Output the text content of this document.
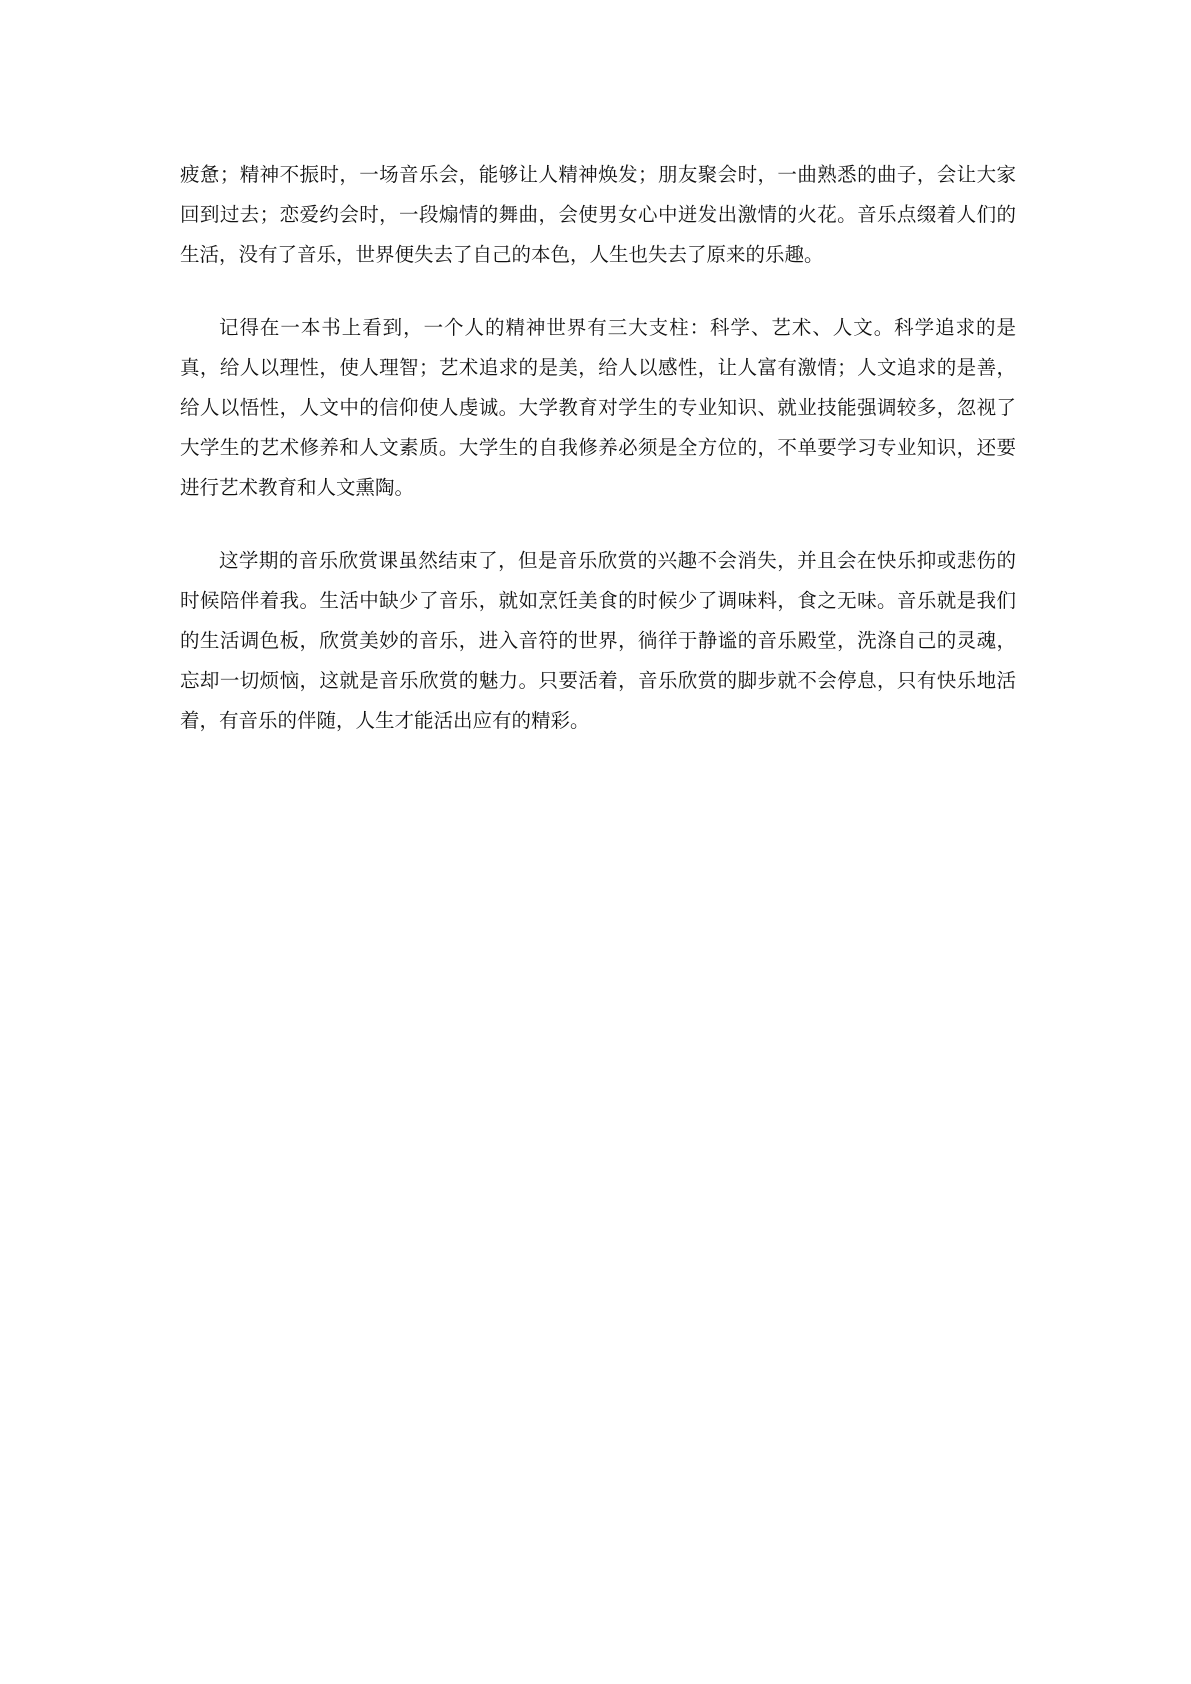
疲惫；精神不振时，一场音乐会，能够让人精神焕发；朋友聚会时，一曲熟悉的曲子，会让大家回到过去；恋爱约会时，一段煽情的舞曲，会使男女心中迸发出激情的火花。音乐点缀着人们的生活，没有了音乐，世界便失去了自己的本色，人生也失去了原来的乐趣。

记得在一本书上看到，一个人的精神世界有三大支柱：科学、艺术、人文。科学追求的是真，给人以理性，使人理智；艺术追求的是美，给人以感性，让人富有激情；人文追求的是善，给人以悟性，人文中的信仰使人虔诚。大学教育对学生的专业知识、就业技能强调较多，忽视了大学生的艺术修养和人文素质。大学生的自我修养必须是全方位的，不单要学习专业知识，还要进行艺术教育和人文熏陶。

这学期的音乐欣赏课虽然结束了，但是音乐欣赏的兴趣不会消失，并且会在快乐抑或悲伤的时候陪伴着我。生活中缺少了音乐，就如烹饪美食的时候少了调味料，食之无味。音乐就是我们的生活调色板，欣赏美妙的音乐，进入音符的世界，徜徉于静谧的音乐殿堂，洗涤自己的灵魂，忘却一切烦恼，这就是音乐欣赏的魅力。只要活着，音乐欣赏的脚步就不会停息，只有快乐地活着，有音乐的伴随，人生才能活出应有的精彩。
